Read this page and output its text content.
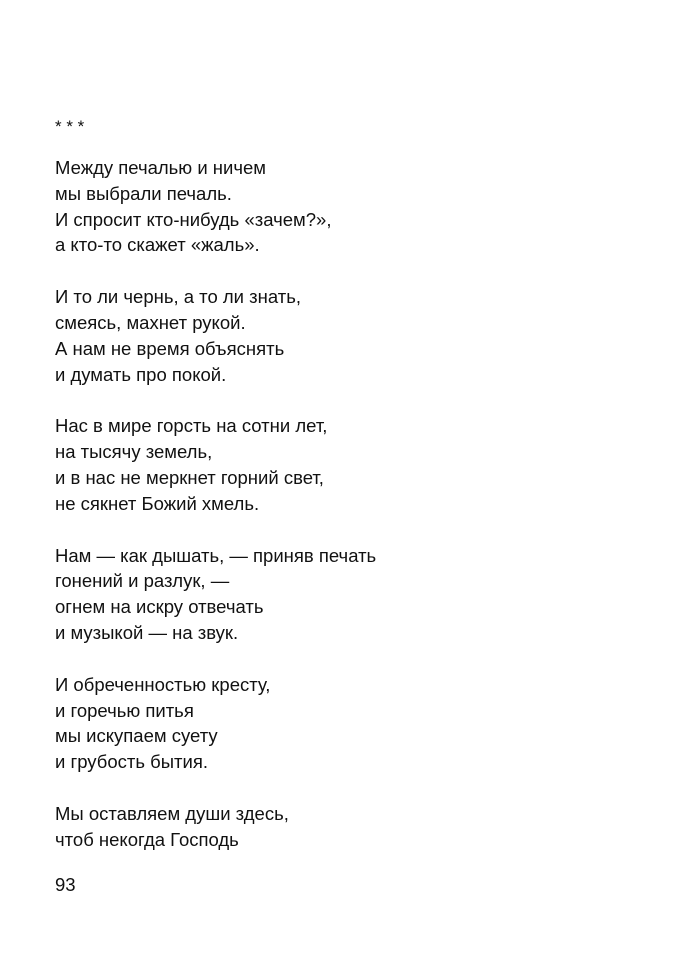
* * *
Между печалью и ничем
мы выбрали печаль.
И спросит кто-нибудь «зачем?»,
а кто-то скажет «жаль».
И то ли чернь, а то ли знать,
смеясь, махнет рукой.
А нам не время объяснять
и думать про покой.
Нас в мире горсть на сотни лет,
на тысячу земель,
и в нас не меркнет горний свет,
не сякнет Божий хмель.
Нам — как дышать, — приняв печать
гонений и разлук, —
огнем на искру отвечать
и музыкой — на звук.
И обреченностью кресту,
и горечью питья
мы искупаем суету
и грубость бытия.
Мы оставляем души здесь,
чтоб некогда Господь
93
